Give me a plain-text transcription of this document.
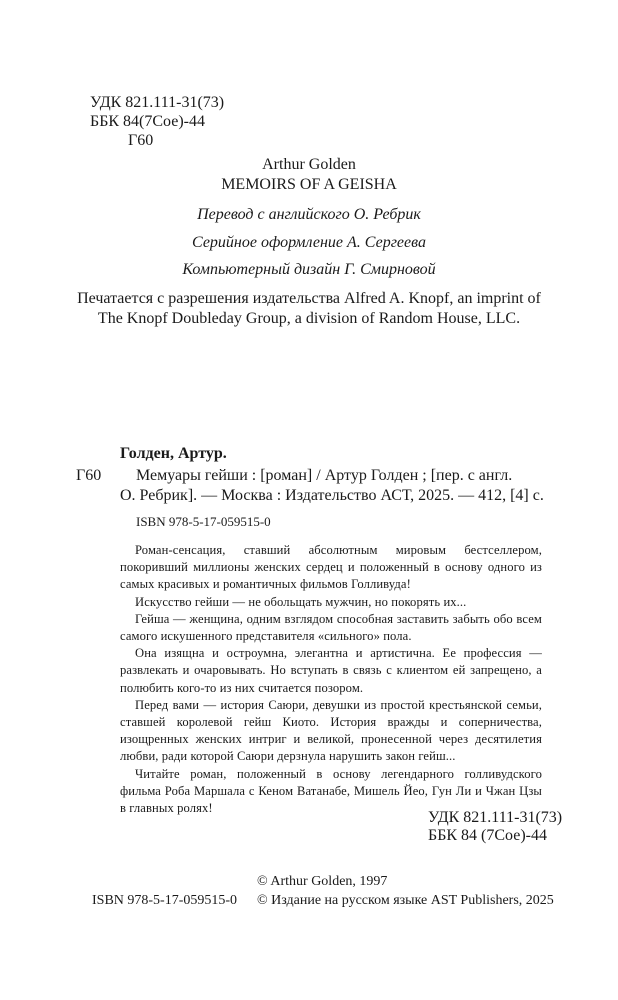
УДК 821.111-31(73)
ББК 84(7Сое)-44
Г60
Arthur Golden
MEMOIRS OF A GEISHA
Перевод с английского О. Ребрик
Серийное оформление А. Сергеева
Компьютерный дизайн Г. Смирновой
Печатается с разрешения издательства Alfred A. Knopf, an imprint of
The Knopf Doubleday Group, a division of Random House, LLC.
Голден, Артур.
Г60 Мемуары гейши : [роман] / Артур Голден ; [пер. с англ.
О. Ребрик]. — Москва : Издательство АСТ, 2025. — 412, [4] с.
ISBN 978-5-17-059515-0

Роман-сенсация, ставший абсолютным мировым бестселлером, покоривший миллионы женских сердец и положенный в основу одного из самых красивых и романтичных фильмов Голливуда!

Искусство гейши — не обольщать мужчин, но покорять их...

Гейша — женщина, одним взглядом способная заставить забыть обо всем самого искушенного представителя «сильного» пола.

Она изящна и остроумна, элегантна и артистична. Ее профессия — развлекать и очаровывать. Но вступать в связь с клиентом ей запрещено, а полюбить кого-то из них считается позором.

Перед вами — история Саюри, девушки из простой крестьянской семьи, ставшей королевой гейш Киото. История вражды и соперничества, изощренных женских интриг и великой, пронесенной через десятилетия любви, ради которой Саюри дерзнула нарушить закон гейш...

Читайте роман, положенный в основу легендарного голливудского фильма Роба Маршала с Кеном Ватанабе, Мишель Йео, Гун Ли и Чжан Цзы в главных ролях!

УДК 821.111-31(73)
ББК 84 (7Сое)-44
© Arthur Golden, 1997
ISBN 978-5-17-059515-0 © Издание на русском языке AST Publishers, 2025
